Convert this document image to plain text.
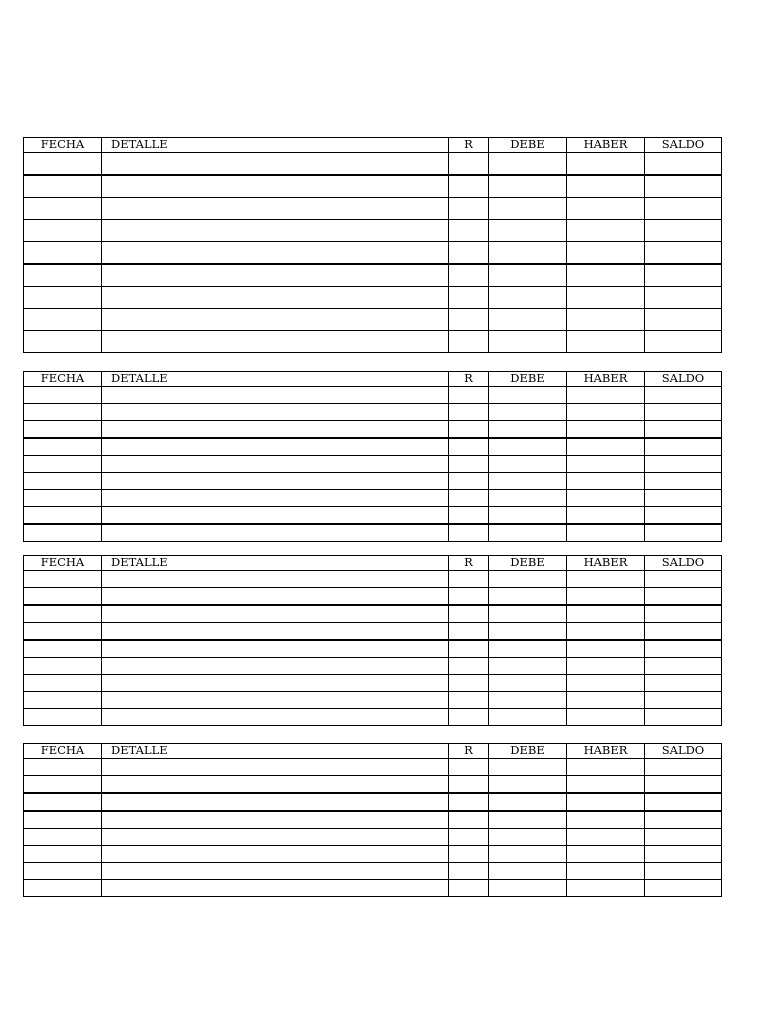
FECHA	DETALLE	R	DEBE	HABER	SALDO
FECHA	DETALLE	R	DEBE	HABER	SALDO
FECHA	DETALLE	R	DEBE	HABER	SALDO
FECHA	DETALLE	R	DEBE	HABER	SALDO
